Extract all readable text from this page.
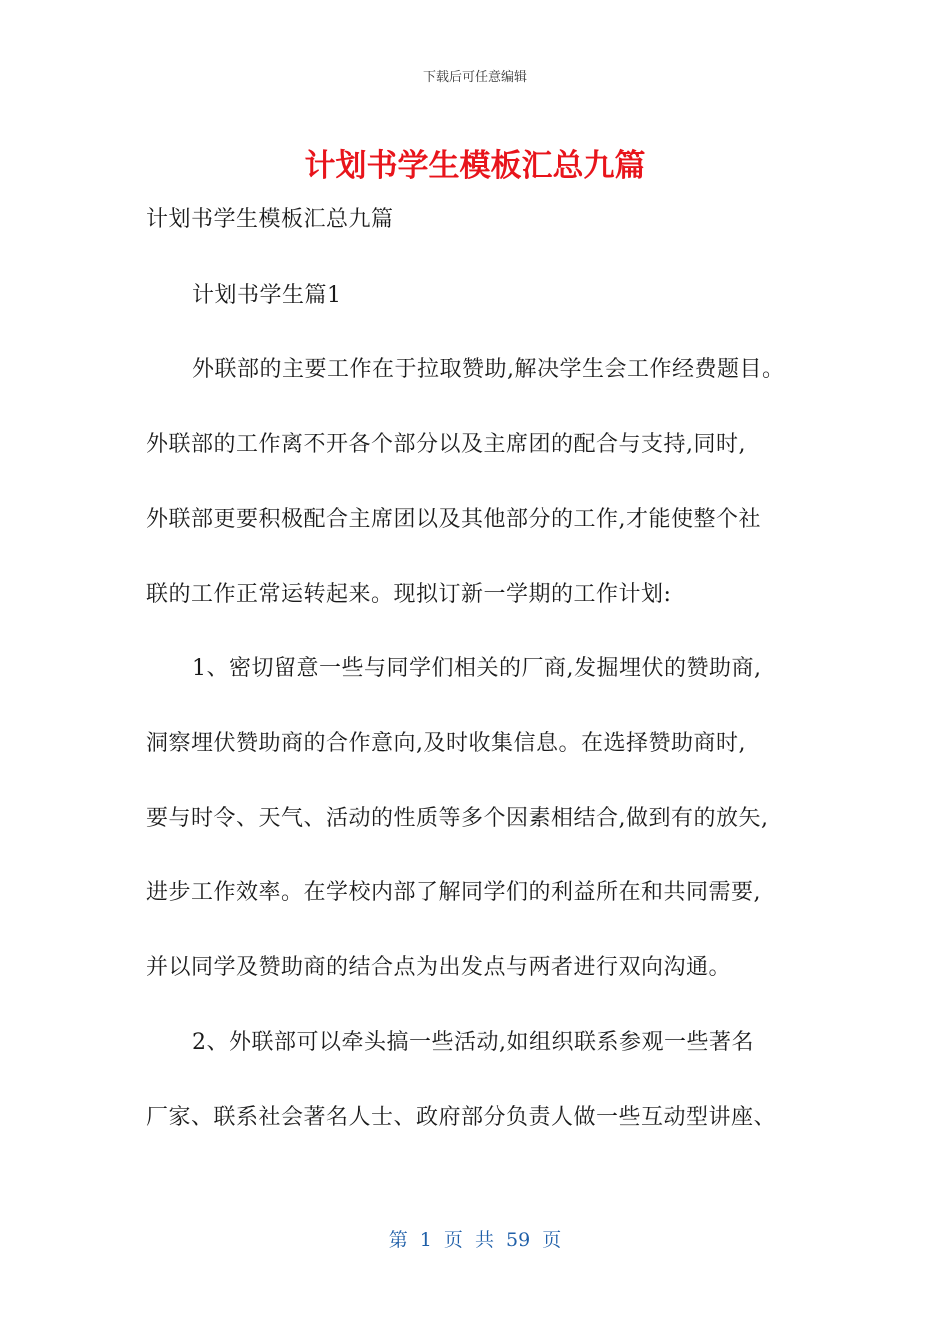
下载后可任意编辑
计划书学生模板汇总九篇
计划书学生模板汇总九篇
计划书学生篇1
外联部的主要工作在于拉取赞助,解决学生会工作经费题目。
外联部的工作离不开各个部分以及主席团的配合与支持,同时,
外联部更要积极配合主席团以及其他部分的工作,才能使整个社
联的工作正常运转起来。现拟订新一学期的工作计划:
1、密切留意一些与同学们相关的厂商,发掘埋伏的赞助商,
洞察埋伏赞助商的合作意向,及时收集信息。在选择赞助商时,
要与时令、天气、活动的性质等多个因素相结合,做到有的放矢,
进步工作效率。在学校内部了解同学们的利益所在和共同需要,
并以同学及赞助商的结合点为出发点与两者进行双向沟通。
2、外联部可以牵头搞一些活动,如组织联系参观一些著名
厂家、联系社会著名人士、政府部分负责人做一些互动型讲座、
第 1 页 共 59 页
